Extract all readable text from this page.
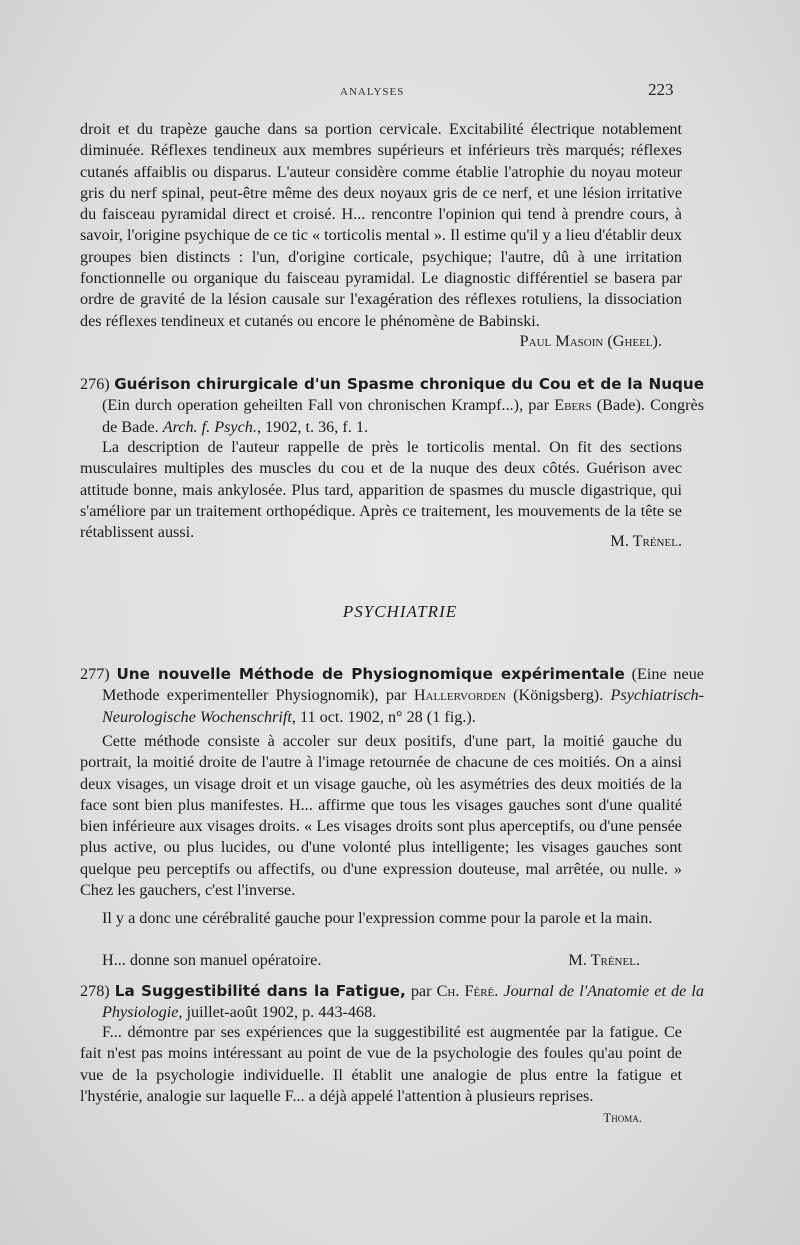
ANALYSES	223

droit et du trapèze gauche dans sa portion cervicale. Excitabilité électrique notablement diminuée. Réflexes tendineux aux membres supérieurs et inférieurs très marqués; réflexes cutanés affaiblis ou disparus. L'auteur considère comme établie l'atrophie du noyau moteur gris du nerf spinal, peut-être même des deux noyaux gris de ce nerf, et une lésion irritative du faisceau pyramidal direct et croisé. H... rencontre l'opinion qui tend à prendre cours, à savoir, l'origine psychique de ce tic « torticolis mental ». Il estime qu'il y a lieu d'établir deux groupes bien distincts : l'un, d'origine corticale, psychique; l'autre, dû à une irritation fonctionnelle ou organique du faisceau pyramidal. Le diagnostic différentiel se basera par ordre de gravité de la lésion causale sur l'exagération des réflexes rotuliens, la dissociation des réflexes tendineux et cutanés ou encore le phénomène de Babinski.

Paul Masoin (Gheel).

276) Guérison chirurgicale d'un Spasme chronique du Cou et de la Nuque (Ein durch operation geheilten Fall von chronischen Krampf...), par Ebers (Bade). Congrès de Bade. Arch. f. Psych., 1902, t. 36, f. 1.

La description de l'auteur rappelle de près le torticolis mental. On fit des sections musculaires multiples des muscles du cou et de la nuque des deux côtés. Guérison avec attitude bonne, mais ankylosée. Plus tard, apparition de spasmes du muscle digastrique, qui s'améliore par un traitement orthopédique. Après ce traitement, les mouvements de la tête se rétablissent aussi.	M. Trénel.

PSYCHIATRIE

277) Une nouvelle Méthode de Physiognomique expérimentale (Eine neue Methode experimenteller Physiognomik), par Hallervorden (Königsberg). Psychiatrisch-Neurologische Wochenschrift, 11 oct. 1902, n° 28 (1 fig.).

Cette méthode consiste à accoler sur deux positifs, d'une part, la moitié gauche du portrait, la moitié droite de l'autre à l'image retournée de chacune de ces moitiés. On a ainsi deux visages, un visage droit et un visage gauche, où les asymétries des deux moitiés de la face sont bien plus manifestes. H... affirme que tous les visages gauches sont d'une qualité bien inférieure aux visages droits. « Les visages droits sont plus aperceptifs, ou d'une pensée plus active, ou plus lucides, ou d'une volonté plus intelligente; les visages gauches sont quelque peu perceptifs ou affectifs, ou d'une expression douteuse, mal arrêtée, ou nulle. » Chez les gauchers, c'est l'inverse.

Il y a donc une cérébralité gauche pour l'expression comme pour la parole et la main.

H... donne son manuel opératoire.	M. Trénel.

278) La Suggestibilité dans la Fatigue, par Ch. Féré. Journal de l'Anatomie et de la Physiologie, juillet-août 1902, p. 443-468.

F... démontre par ses expériences que la suggestibilité est augmentée par la fatigue. Ce fait n'est pas moins intéressant au point de vue de la psychologie des foules qu'au point de vue de la psychologie individuelle. Il établit une analogie de plus entre la fatigue et l'hystérie, analogie sur laquelle F... a déjà appelé l'attention à plusieurs reprises.

Thoma.
